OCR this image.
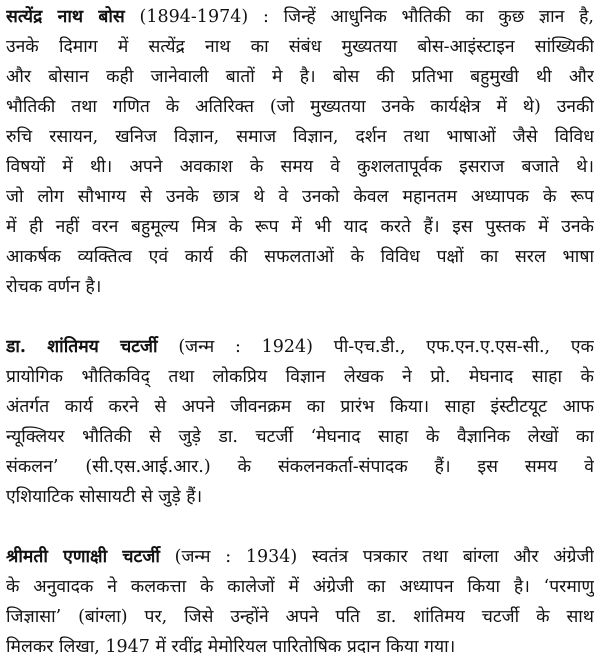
सत्येंद्र नाथ बोस (1894-1974) : जिन्हें आधुनिक भौतिकी का कुछ ज्ञान है,
उनके दिमाग में सत्येंद्र नाथ का संबंध मुख्यतया बोस-आइंस्टाइन सांख्यिकी
और बोसान कही जानेवाली बातों मे है। बोस की प्रतिभा बहुमुखी थी और
भौतिकी तथा गणित के अतिरिक्त (जो मुख्यतया उनके कार्यक्षेत्र में थे) उनकी
रुचि रसायन, खनिज विज्ञान, समाज विज्ञान, दर्शन तथा भाषाओं जैसे विविध
विषयों में थी। अपने अवकाश के समय वे कुशलतापूर्वक इसराज बजाते थे।
जो लोग सौभाग्य से उनके छात्र थे वे उनको केवल महानतम अध्यापक के रूप
में ही नहीं वरन बहुमूल्य मित्र के रूप में भी याद करते हैं। इस पुस्तक में उनके
आकर्षक व्यक्तित्व एवं कार्य की सफलताओं के विविध पक्षों का सरल भाषा
रोचक वर्णन है।
डा. शांतिमय चटर्जी (जन्म : 1924) पी-एच.डी., एफ.एन.ए.एस-सी., एक
प्रायोगिक भौतिकविद् तथा लोकप्रिय विज्ञान लेखक ने प्रो. मेघनाद साहा के
अंतर्गत कार्य करने से अपने जीवनक्रम का प्रारंभ किया। साहा इंस्टीटयूट आफ
न्यूक्लियर भौतिकी से जुड़े डा. चटर्जी ‘मेघनाद साहा के वैज्ञानिक लेखों का
संकलन’ (सी.एस.आई.आर.) के संकलनकर्ता-संपादक हैं। इस समय वे
एशियाटिक सोसायटी से जुड़े हैं।
श्रीमती एणाक्षी चटर्जी (जन्म : 1934) स्वतंत्र पत्रकार तथा बांग्ला और अंग्रेजी
के अनुवादक ने कलकत्ता के कालेजों में अंग्रेजी का अध्यापन किया है। ‘परमाणु
जिज्ञासा’ (बांग्ला) पर, जिसे उन्होंने अपने पति डा. शांतिमय चटर्जी के साथ
मिलकर लिखा, 1947 में रवींद्र मेमोरियल पारितोषिक प्रदान किया गया।
